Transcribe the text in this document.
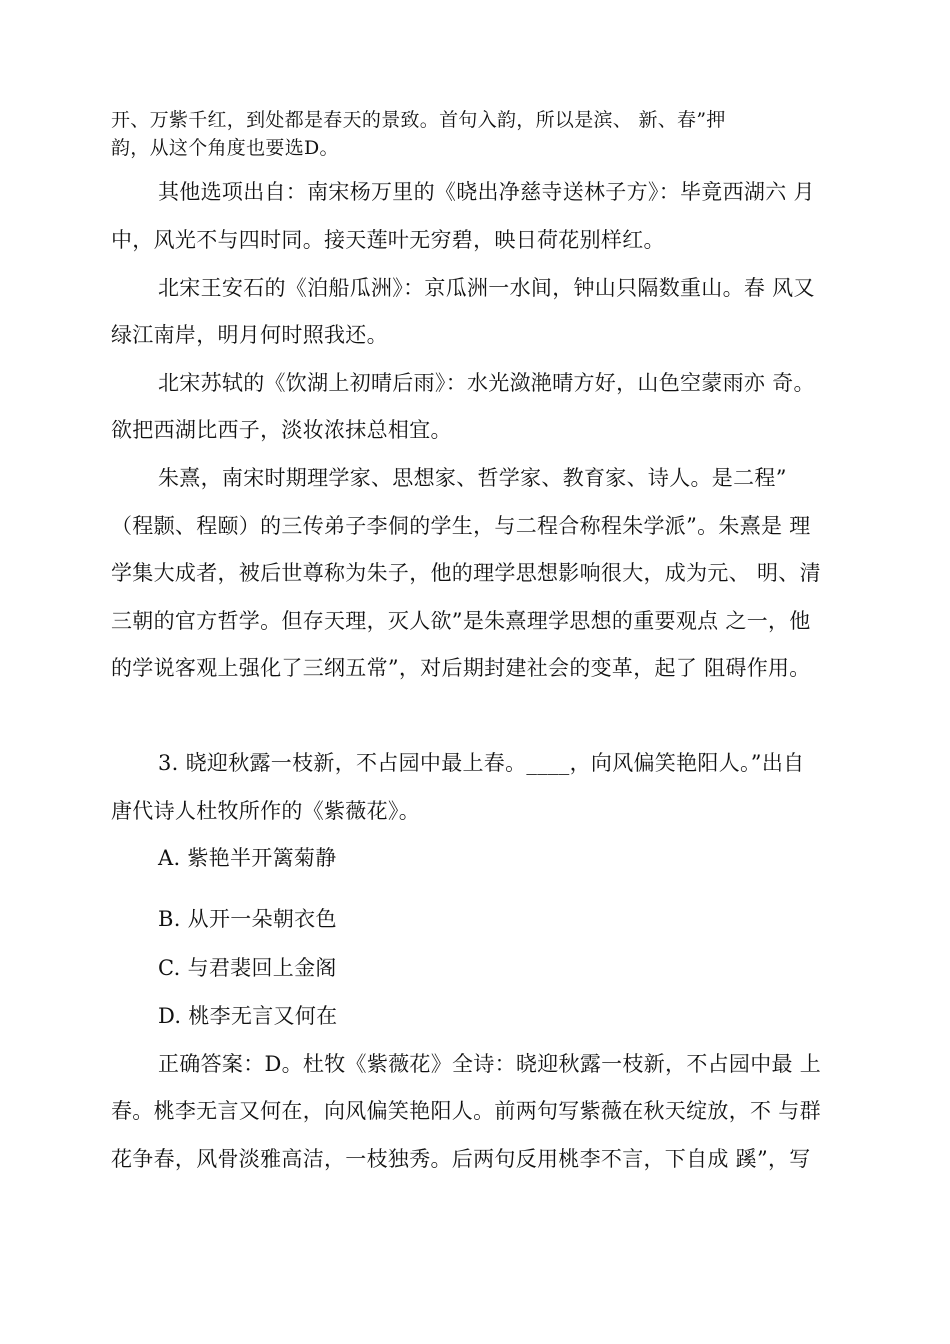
开、万紫千红，到处都是春天的景致。首句入韵，所以是滨、 新、春”押
韵，从这个角度也要选D。
其他选项出自：南宋杨万里的《晓出净慈寺送林子方》：毕竟西湖六 月
中，风光不与四时同。接天莲叶无穷碧，映日荷花别样红。
北宋王安石的《泊船瓜洲》：京瓜洲一水间，钟山只隔数重山。春 风又
绿江南岸，明月何时照我还。
北宋苏轼的《饮湖上初晴后雨》：水光潋滟晴方好，山色空蒙雨亦 奇。
欲把西湖比西子，淡妆浓抹总相宜。
朱熹，南宋时期理学家、思想家、哲学家、教育家、诗人。是二程”
（程颢、程颐）的三传弟子李侗的学生，与二程合称程朱学派”。朱熹是 理
学集大成者，被后世尊称为朱子，他的理学思想影响很大，成为元、 明、清
三朝的官方哲学。但存天理，灭人欲”是朱熹理学思想的重要观点 之一，他
的学说客观上强化了三纲五常”，对后期封建社会的变革，起了 阻碍作用。
3. 晓迎秋露一枝新，不占园中最上春。____，向风偏笑艳阳人。”出自
唐代诗人杜牧所作的《紫薇花》。
A. 紫艳半开篱菊静
B. 从开一朵朝衣色
C. 与君裴回上金阁
D. 桃李无言又何在
正确答案：D。杜牧《紫薇花》全诗：晓迎秋露一枝新，不占园中最 上
春。桃李无言又何在，向风偏笑艳阳人。前两句写紫薇在秋天绽放，不 与群
花争春，风骨淡雅高洁，一枝独秀。后两句反用桃李不言，下自成 蹊”，写
